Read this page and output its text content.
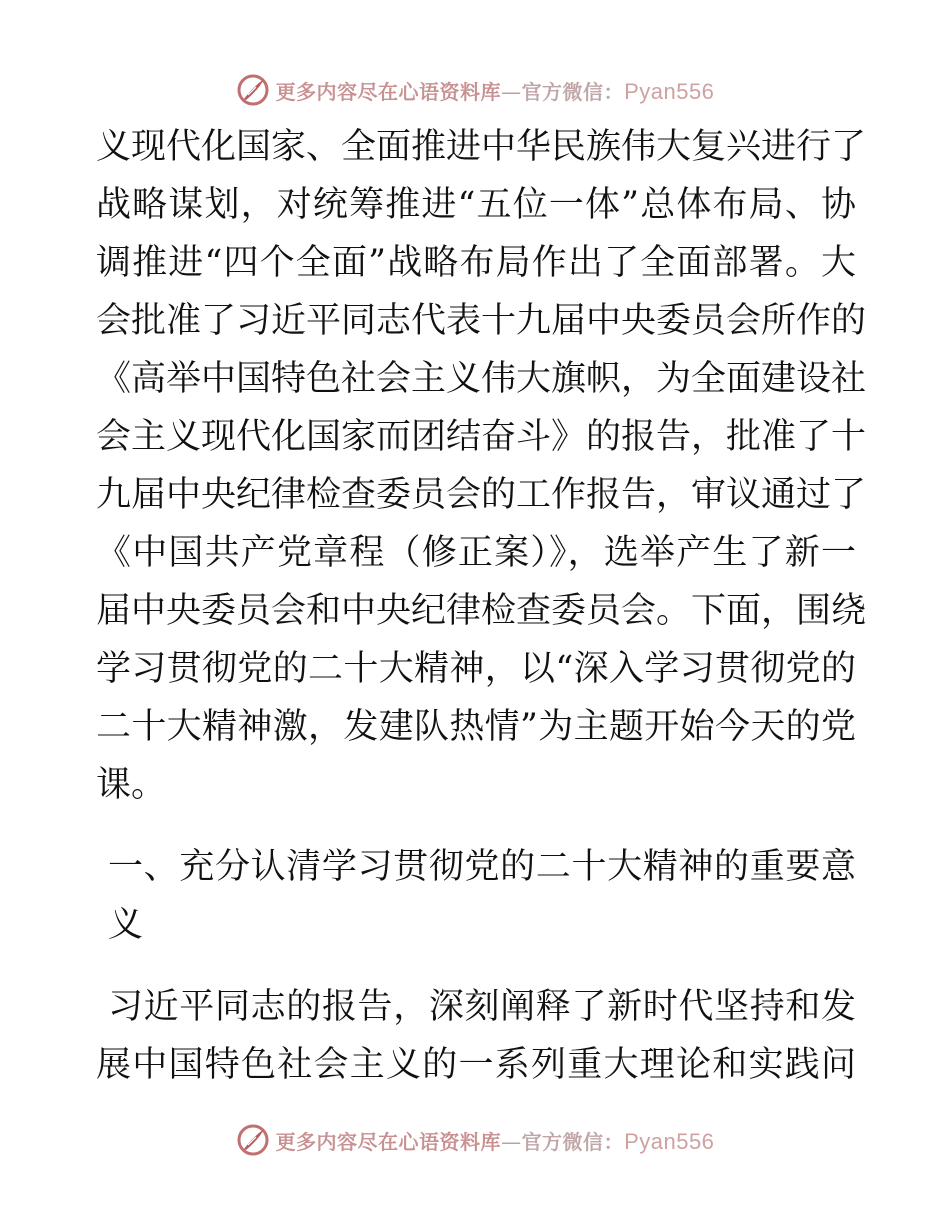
更多内容尽在心语资料库—官方微信：Pyan556
义现代化国家、全面推进中华民族伟大复兴进行了
战略谋划，对统筹推进“五位一体”总体布局、协
调推进“四个全面”战略布局作出了全面部署。大
会批准了习近平同志代表十九届中央委员会所作的
《高举中国特色社会主义伟大旗帜，为全面建设社
会主义现代化国家而团结奋斗》的报告，批准了十
九届中央纪律检查委员会的工作报告，审议通过了
《中国共产党章程（修正案）》，选举产生了新一
届中央委员会和中央纪律检查委员会。下面，围绕
学习贯彻党的二十大精神，以“深入学习贯彻党的
二十大精神激，发建队热情”为主题开始今天的党
课。
一、充分认清学习贯彻党的二十大精神的重要意
义
习近平同志的报告，深刻阐释了新时代坚持和发
展中国特色社会主义的一系列重大理论和实践问
更多内容尽在心语资料库—官方微信：Pyan556
